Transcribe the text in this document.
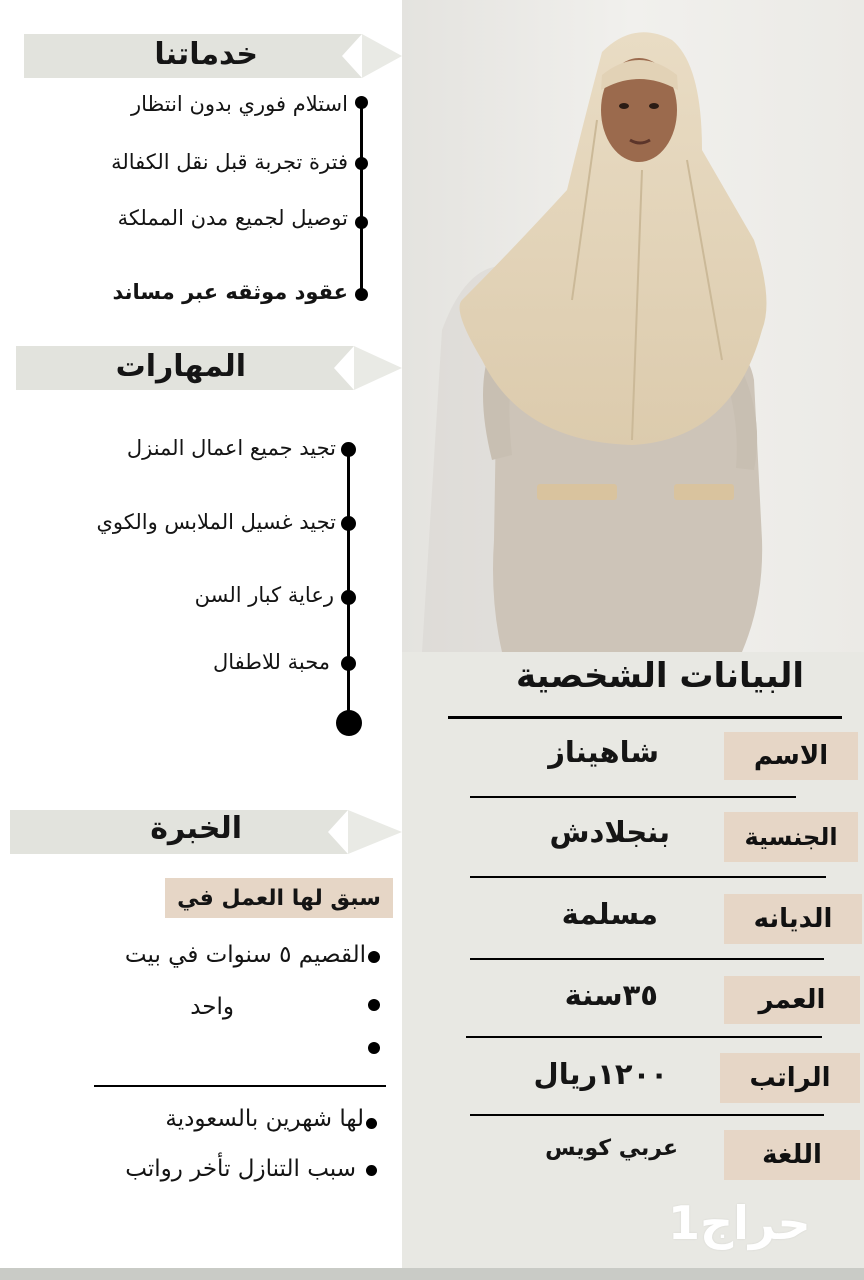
خدماتنا
استلام فوري بدون انتظار
فترة تجربة قبل نقل الكفالة
توصيل لجميع مدن المملكة
عقود موثقه عبر مساند
المهارات
تجيد جميع اعمال المنزل
تجيد غسيل الملابس والكوي
رعاية كبار السن
محبة للاطفال
الخبرة
سبق لها العمل في
القصيم ٥ سنوات في بيت
واحد
لها شهرين بالسعودية
سبب التنازل تأخر رواتب
البيانات الشخصية
الاسم
شاهيناز
الجنسية
بنجلادش
الديانه
مسلمة
العمر
٣٥سنة
الراتب
١٢٠٠ريال
اللغة
عربي كويس
حراج1
